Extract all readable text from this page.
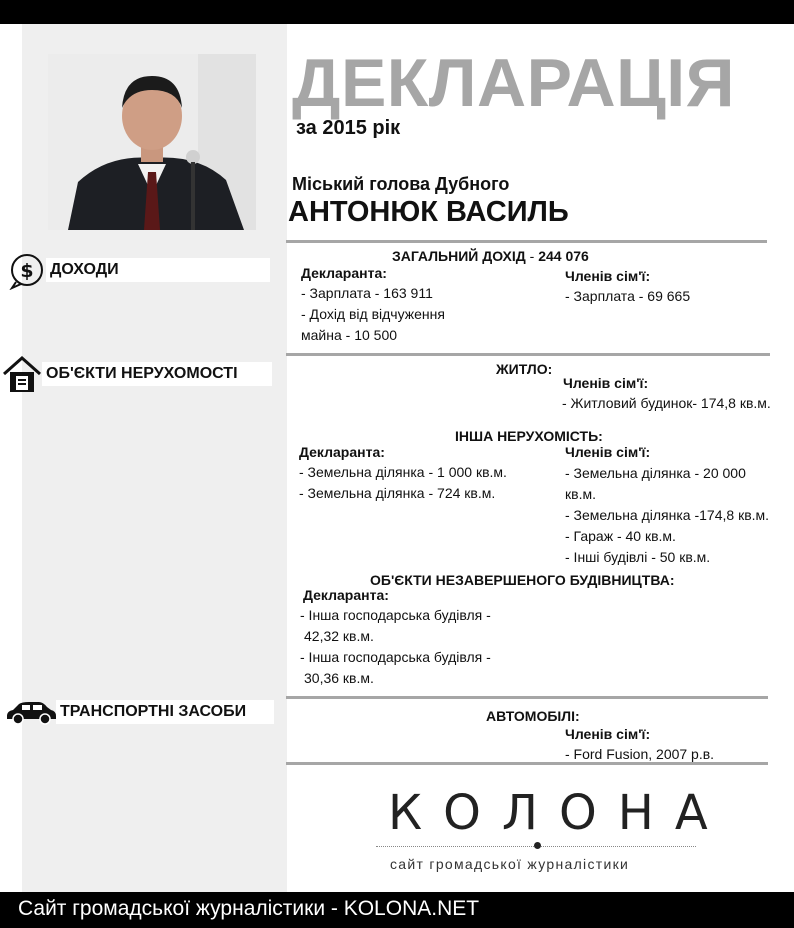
ДЕКЛАРАЦІЯ
за 2015 рік
Міський голова Дубного
АНТОНЮК ВАСИЛЬ
$ ДОХОДИ
ОБ'ЄКТИ НЕРУХОМОСТІ
ТРАНСПОРТНІ ЗАСОБИ
ЗАГАЛЬНИЙ ДОХІД - 244 076
Декларанта:
- Зарплата - 163 911
- Дохід від відчуження
майна - 10 500
Членів сім'ї:
- Зарплата - 69 665
ЖИТЛО:
Членів сім'ї:
- Житловий будинок- 174,8 кв.м.
ІНША НЕРУХОМІСТЬ:
Декларанта:
- Земельна ділянка - 1 000 кв.м.
- Земельна ділянка - 724 кв.м.
Членів сім'ї:
- Земельна ділянка - 20 000
кв.м.
- Земельна ділянка -174,8 кв.м.
- Гараж - 40 кв.м.
- Інші будівлі - 50 кв.м.
ОБ'ЄКТИ НЕЗАВЕРШЕНОГО БУДІВНИЦТВА:
Декларанта:
- Інша господарська будівля -
42,32 кв.м.
- Інша господарська будівля -
30,36 кв.м.
АВТОМОБІЛІ:
Членів сім'ї:
- Ford Fusion, 2007 р.в.
КОЛОНА
сайт громадської журналістики
Сайт громадської журналістики - KOLONA.NET
